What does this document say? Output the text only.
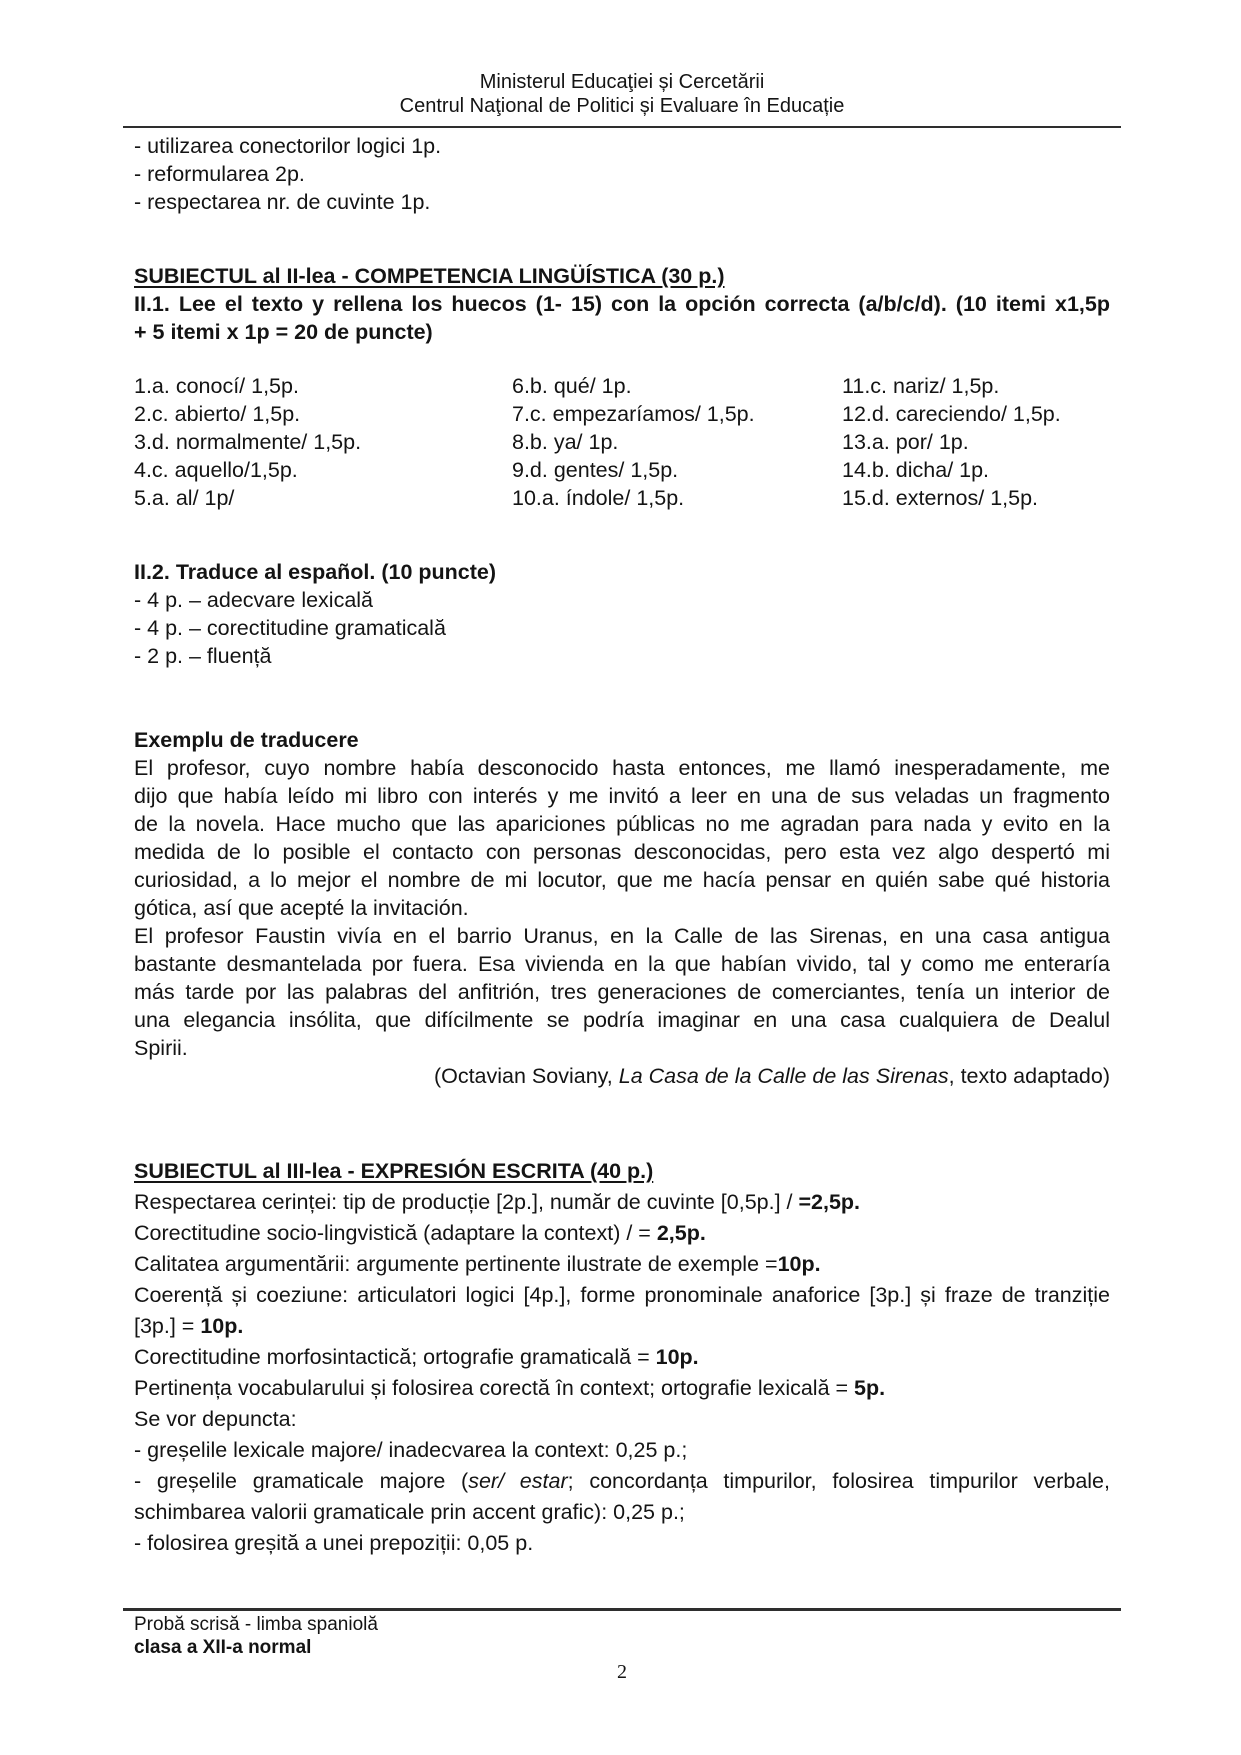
Ministerul Educaţiei și Cercetării
Centrul Naţional de Politici și Evaluare în Educație
- utilizarea conectorilor logici 1p.
- reformularea 2p.
- respectarea nr. de cuvinte 1p.
SUBIECTUL al II-lea - COMPETENCIA LINGÜÍSTICA (30 p.)
II.1. Lee el texto y rellena los huecos (1- 15) con la opción correcta (a/b/c/d). (10 itemi x1,5p
+ 5 itemi x 1p = 20 de puncte)
1.a. conocí/ 1,5p.
2.c. abierto/ 1,5p.
3.d. normalmente/ 1,5p.
4.c. aquello/1,5p.
5.a. al/ 1p/
6.b. qué/ 1p.
7.c. empezaríamos/ 1,5p.
8.b. ya/ 1p.
9.d. gentes/ 1,5p.
10.a. índole/ 1,5p.
11.c. nariz/ 1,5p.
12.d. careciendo/ 1,5p.
13.a. por/ 1p.
14.b. dicha/ 1p.
15.d. externos/ 1,5p.
II.2. Traduce al español. (10 puncte)
- 4 p. – adecvare lexicală
- 4 p. – corectitudine gramaticală
- 2 p. – fluență
Exemplu de traducere
El profesor, cuyo nombre había desconocido hasta entonces, me llamó inesperadamente, me
dijo que había leído mi libro con interés y me invitó a leer en una de sus veladas un fragmento
de la novela. Hace mucho que las apariciones públicas no me agradan para nada y evito en la
medida de lo posible el contacto con personas desconocidas, pero esta vez algo despertó mi
curiosidad, a lo mejor el nombre de mi locutor, que me hacía pensar en quién sabe qué historia
gótica, así que acepté la invitación.
El profesor Faustin vivía en el barrio Uranus, en la Calle de las Sirenas, en una casa antigua
bastante desmantelada por fuera. Esa vivienda en la que habían vivido, tal y como me enteraría
más tarde por las palabras del anfitrión, tres generaciones de comerciantes, tenía un interior de
una elegancia insólita, que difícilmente se podría imaginar en una casa cualquiera de Dealul
Spirii.
(Octavian Soviany, La Casa de la Calle de las Sirenas, texto adaptado)
SUBIECTUL al III-lea - EXPRESIÓN ESCRITA (40 p.)
Respectarea cerinței: tip de producție [2p.], număr de cuvinte [0,5p.] / =2,5p.
Corectitudine socio-lingvistică (adaptare la context) / = 2,5p.
Calitatea argumentării: argumente pertinente ilustrate de exemple =10p.
Coerență și coeziune: articulatori logici [4p.], forme pronominale anaforice [3p.] și fraze de tranziție
[3p.] = 10p.
Corectitudine morfosintactică; ortografie gramaticală = 10p.
Pertinența vocabularului și folosirea corectă în context; ortografie lexicală = 5p.
Se vor depuncta:
- greșelile lexicale majore/ inadecvarea la context: 0,25 p.;
- greșelile gramaticale majore (ser/ estar; concordanța timpurilor, folosirea timpurilor verbale,
schimbarea valorii gramaticale prin accent grafic): 0,25 p.;
- folosirea greșită a unei prepoziții: 0,05 p.
Probă scrisă - limba spaniolă
clasa a XII-a normal
2
